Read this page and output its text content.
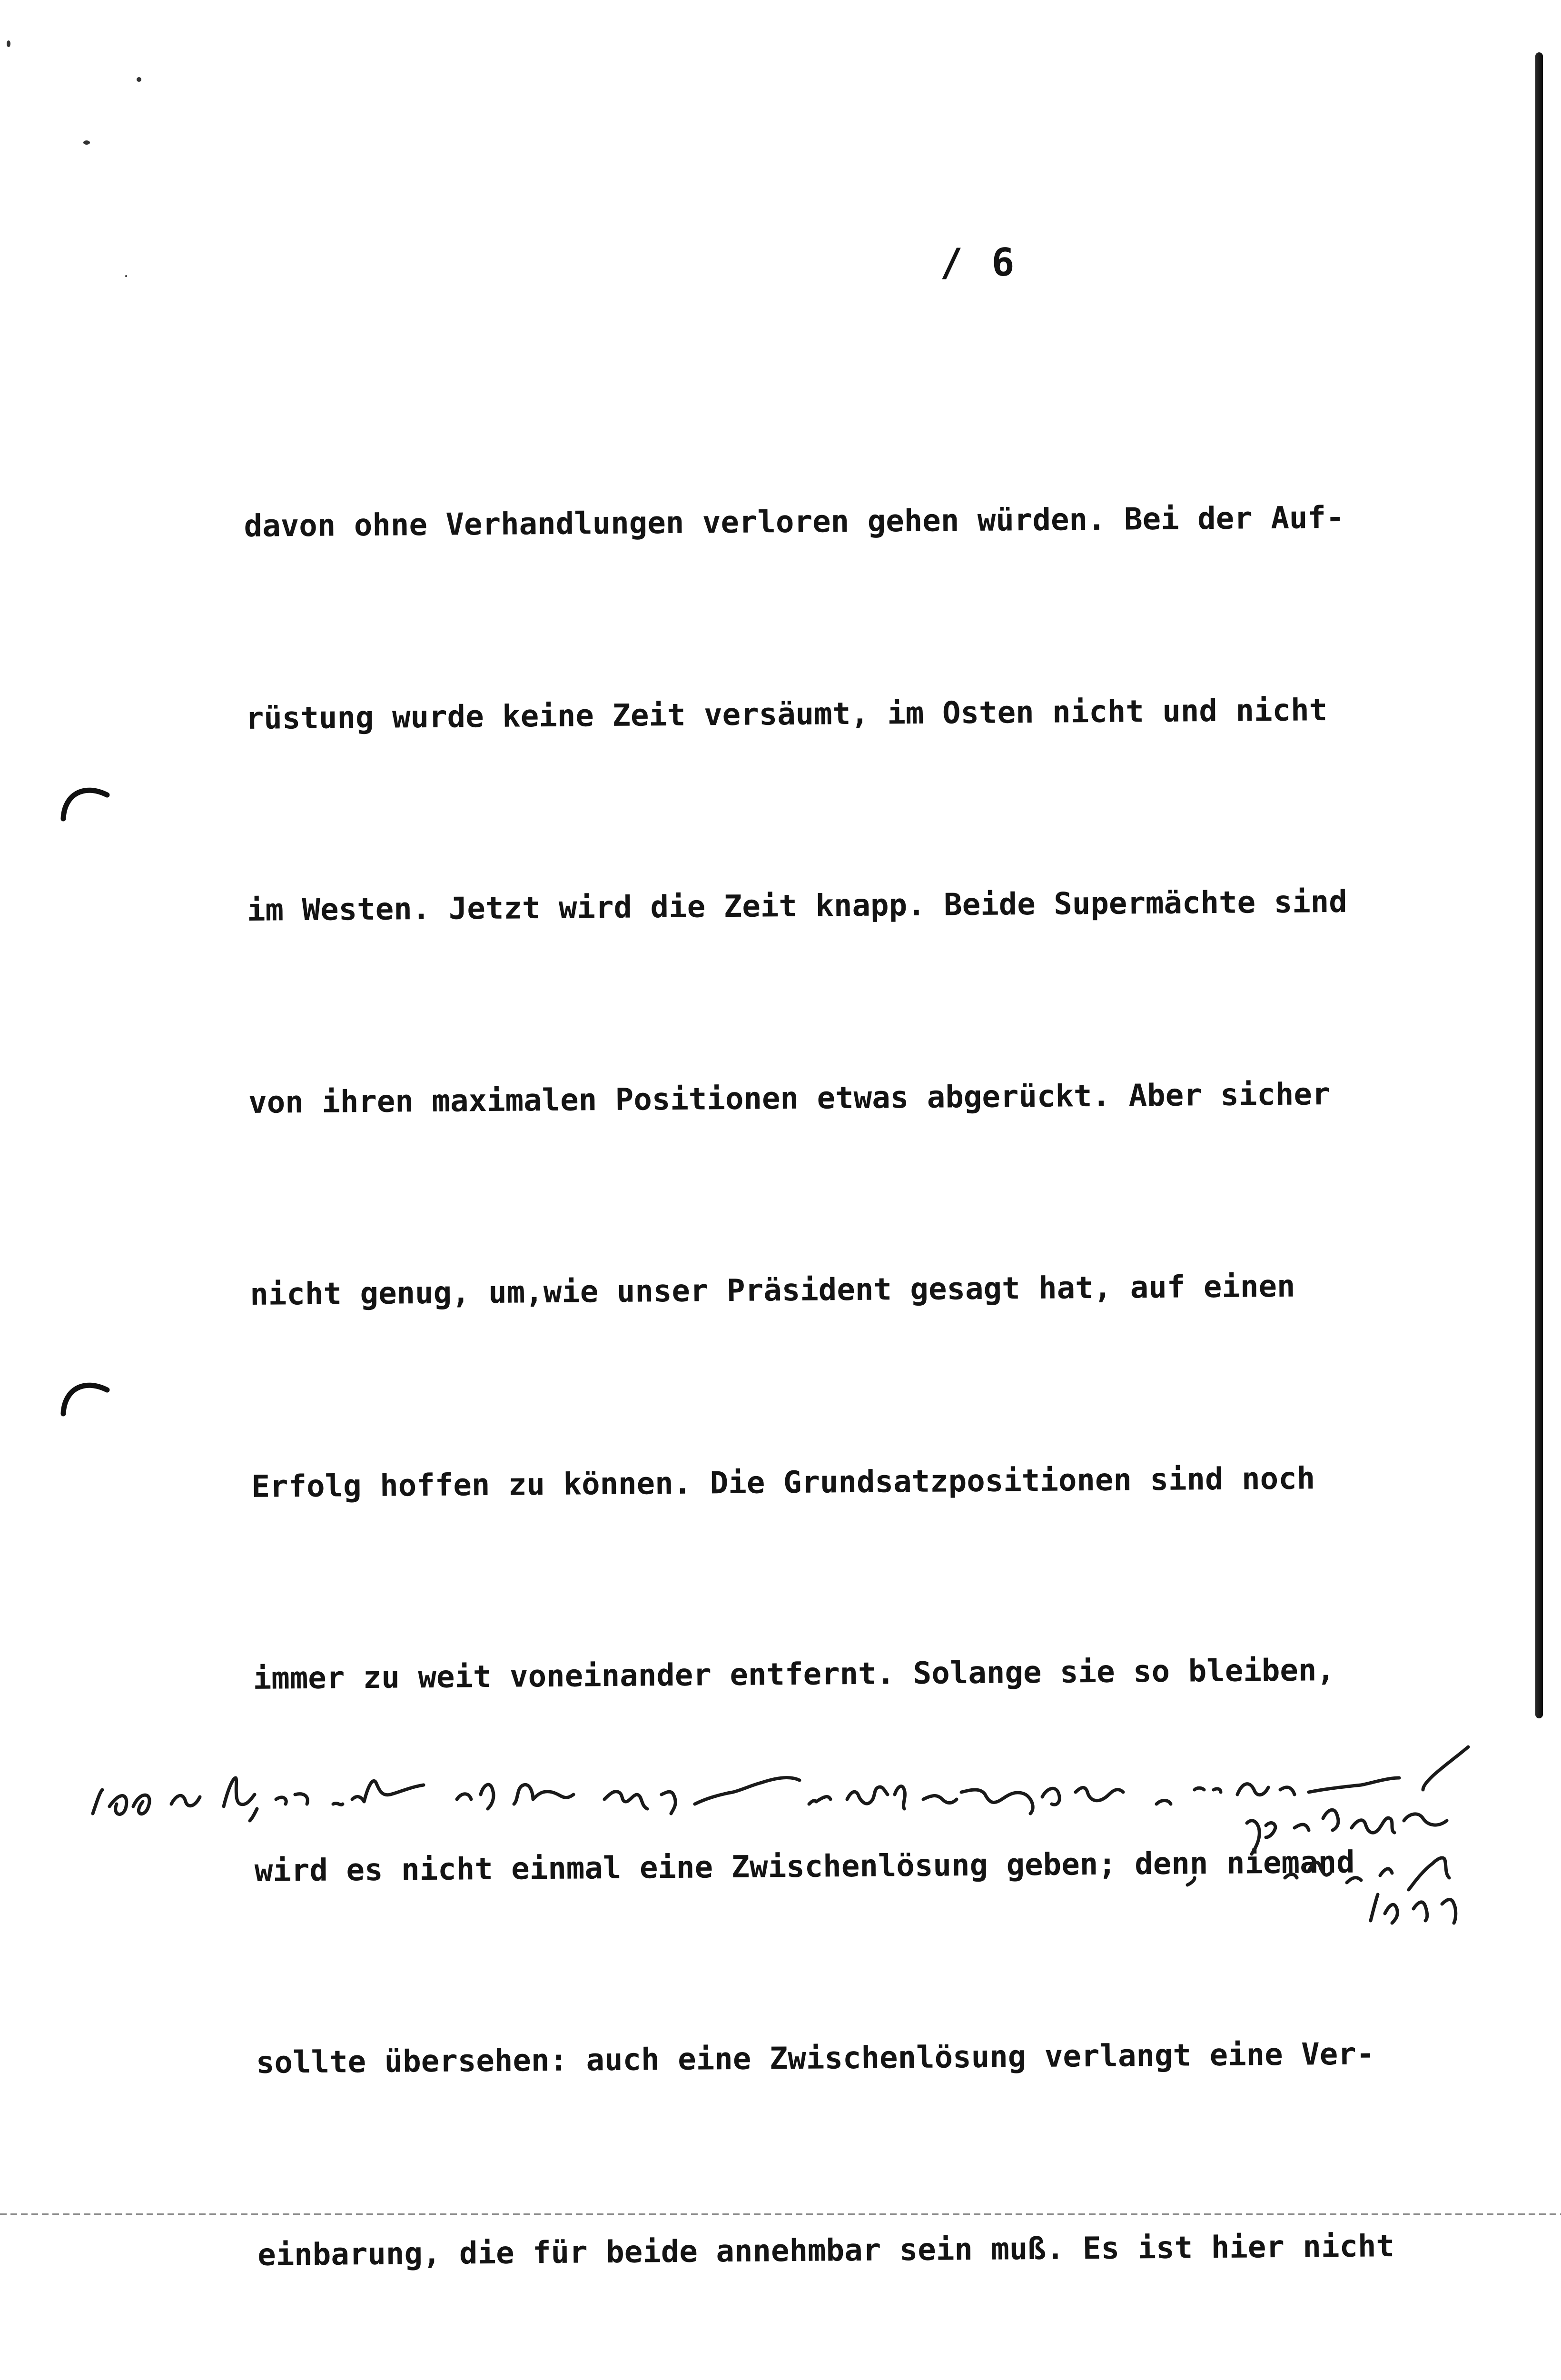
/ 6

davon ohne Verhandlungen verloren gehen würden. Bei der Auf-

rüstung wurde keine Zeit versäumt, im Osten nicht und nicht

im Westen. Jetzt wird die Zeit knapp. Beide Supermächte sind

von ihren maximalen Positionen etwas abgerückt. Aber sicher

nicht genug, um,wie unser Präsident gesagt hat, auf einen

Erfolg hoffen zu können. Die Grundsatzpositionen sind noch

immer zu weit voneinander entfernt. Solange sie so bleiben,

wird es nicht einmal eine Zwischenlösung geben; denn niemand

sollte übersehen: auch eine Zwischenlösung verlangt eine Ver-

einbarung, die für beide annehmbar sein muß. Es ist hier nicht
